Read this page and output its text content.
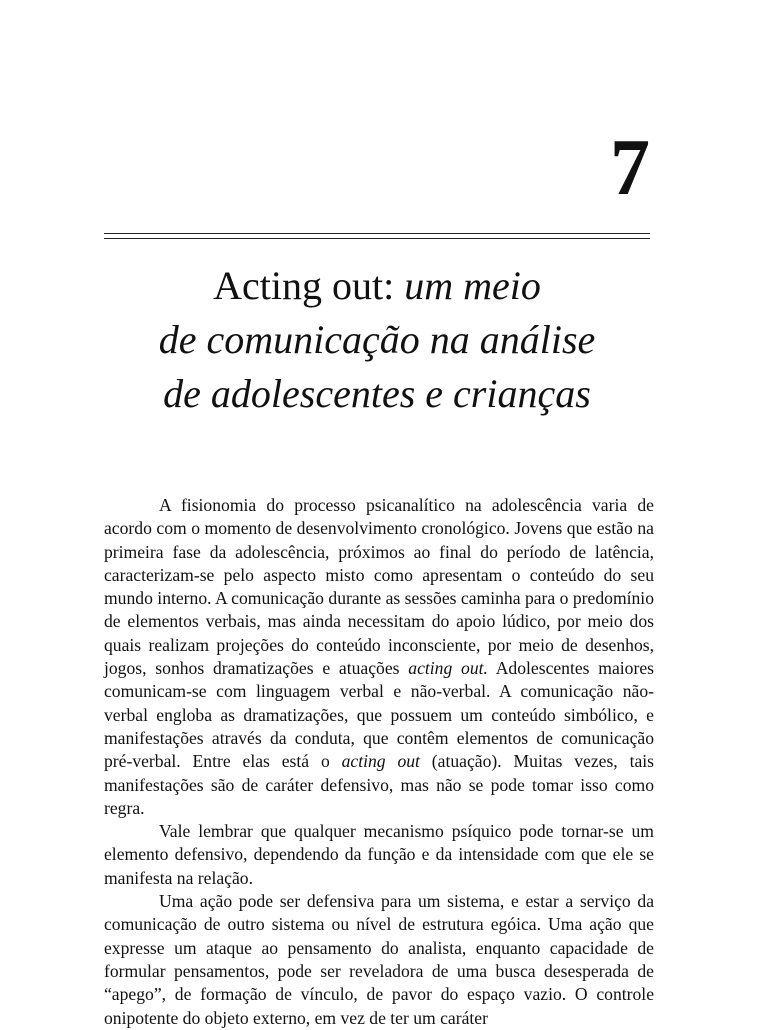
7
Acting out: um meio
de comunicação na análise
de adolescentes e crianças

A fisionomia do processo psicanalítico na adolescência varia de acordo com o momento de desenvolvimento cronológico. Jovens que estão na primeira fase da adolescência, próximos ao final do período de latência, caracterizam-se pelo aspecto misto como apresentam o conteúdo do seu mundo interno. A comunicação durante as sessões caminha para o predomínio de elementos verbais, mas ainda necessitam do apoio lúdico, por meio dos quais realizam projeções do conteúdo inconsciente, por meio de desenhos, jogos, sonhos dramatizações e atuações acting out. Adolescentes maiores comunicam-se com linguagem verbal e não-verbal. A comunicação não-verbal engloba as dramatizações, que possuem um conteúdo simbólico, e manifestações através da conduta, que contêm elementos de comunicação pré-verbal. Entre elas está o acting out (atuação). Muitas vezes, tais manifestações são de caráter defensivo, mas não se pode tomar isso como regra.

Vale lembrar que qualquer mecanismo psíquico pode tornar-se um elemento defensivo, dependendo da função e da intensidade com que ele se manifesta na relação.

Uma ação pode ser defensiva para um sistema, e estar a serviço da comunicação de outro sistema ou nível de estrutura egóica. Uma ação que expresse um ataque ao pensamento do analista, enquanto capacidade de formular pensamentos, pode ser reveladora de uma busca desesperada de “apego”, de formação de vínculo, de pavor do espaço vazio. O controle onipotente do objeto externo, em vez de ter um caráter
